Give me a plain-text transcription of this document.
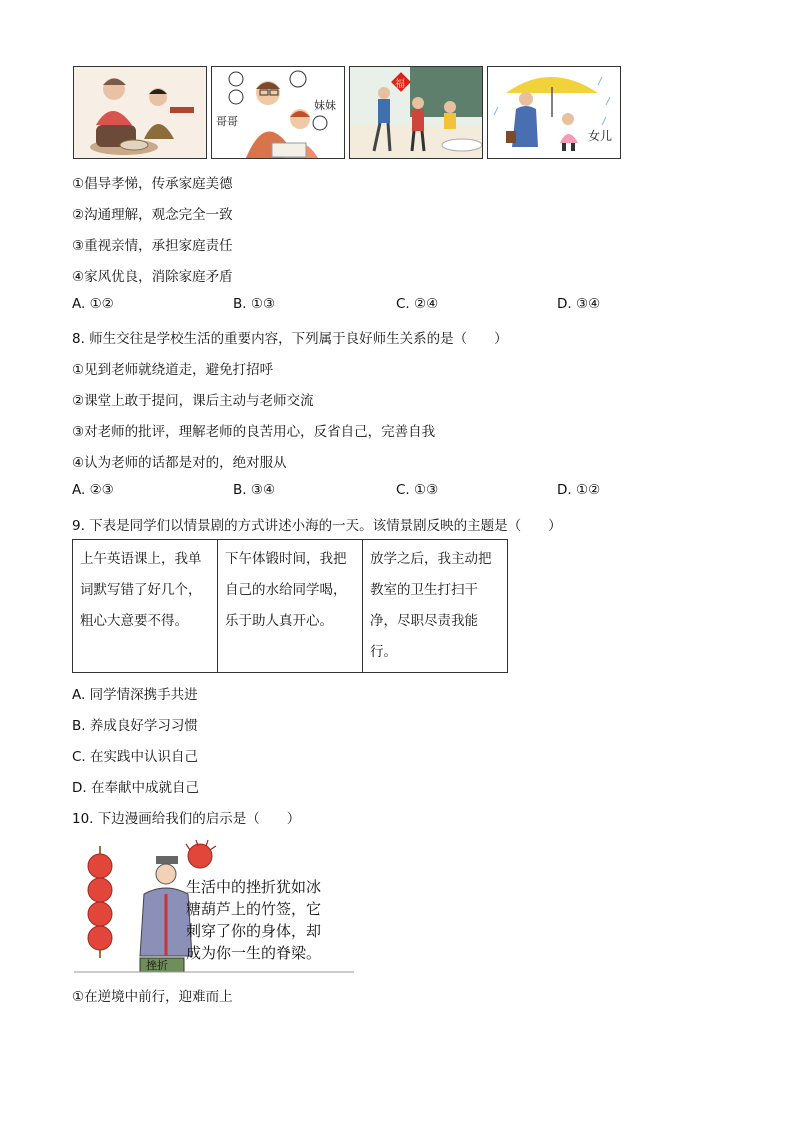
哥哥
妹妹
福
女儿
①倡导孝悌，传承家庭美德
②沟通理解，观念完全一致
③重视亲情，承担家庭责任
④家风优良，消除家庭矛盾
A. ①②	B. ①③	C. ②④	D. ③④
8. 师生交往是学校生活的重要内容，下列属于良好师生关系的是（　　）
①见到老师就绕道走，避免打招呼
②课堂上敢于提问，课后主动与老师交流
③对老师的批评，理解老师的良苦用心，反省自己，完善自我
④认为老师的话都是对的，绝对服从
A. ②③	B. ③④	C. ①③	D. ①②
9. 下表是同学们以情景剧的方式讲述小海的一天。该情景剧反映的主题是（　　）
上午英语课上，我单词默写错了好几个，粗心大意要不得。	下午体锻时间，我把自己的水给同学喝，乐于助人真开心。	放学之后，我主动把教室的卫生打扫干净，尽职尽责我能行。
A. 同学情深携手共进
B. 养成良好学习习惯
C. 在实践中认识自己
D. 在奉献中成就自己
10. 下边漫画给我们的启示是（　　）
挫折
生活中的挫折犹如冰
糖葫芦上的竹签，它
刺穿了你的身体，却
成为你一生的脊梁。
①在逆境中前行，迎难而上
